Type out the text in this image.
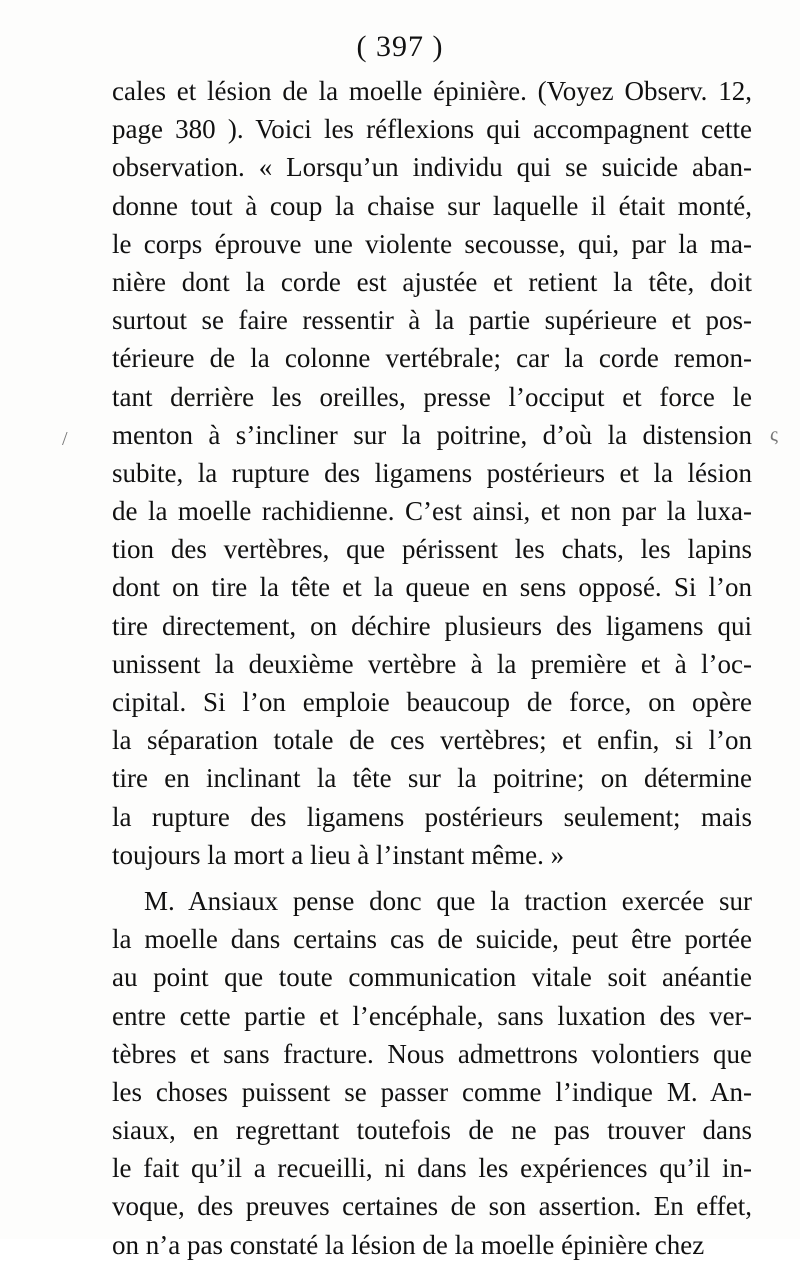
( 397 )
cales et lésion de la moelle épinière. (Voyez Observ. 12,
page 380 ). Voici les réflexions qui accompagnent cette
observation. « Lorsqu’un individu qui se suicide aban-
donne tout à coup la chaise sur laquelle il était monté,
le corps éprouve une violente secousse, qui, par la ma-
nière dont la corde est ajustée et retient la tête, doit
surtout se faire ressentir à la partie supérieure et pos-
térieure de la colonne vertébrale; car la corde remon-
tant derrière les oreilles, presse l’occiput et force le
menton à s’incliner sur la poitrine, d’où la distension
subite, la rupture des ligamens postérieurs et la lésion
de la moelle rachidienne. C’est ainsi, et non par la luxa-
tion des vertèbres, que périssent les chats, les lapins
dont on tire la tête et la queue en sens opposé. Si l’on
tire directement, on déchire plusieurs des ligamens qui
unissent la deuxième vertèbre à la première et à l’oc-
cipital. Si l’on emploie beaucoup de force, on opère
la séparation totale de ces vertèbres; et enfin, si l’on
tire en inclinant la tête sur la poitrine; on détermine
la rupture des ligamens postérieurs seulement; mais
toujours la mort a lieu à l’instant même. »
M. Ansiaux pense donc que la traction exercée sur
la moelle dans certains cas de suicide, peut être portée
au point que toute communication vitale soit anéantie
entre cette partie et l’encéphale, sans luxation des ver-
tèbres et sans fracture. Nous admettrons volontiers que
les choses puissent se passer comme l’indique M. An-
siaux, en regrettant toutefois de ne pas trouver dans
le fait qu’il a recueilli, ni dans les expériences qu’il in-
voque, des preuves certaines de son assertion. En effet,
on n’a pas constaté la lésion de la moelle épinière chez
/	ς
